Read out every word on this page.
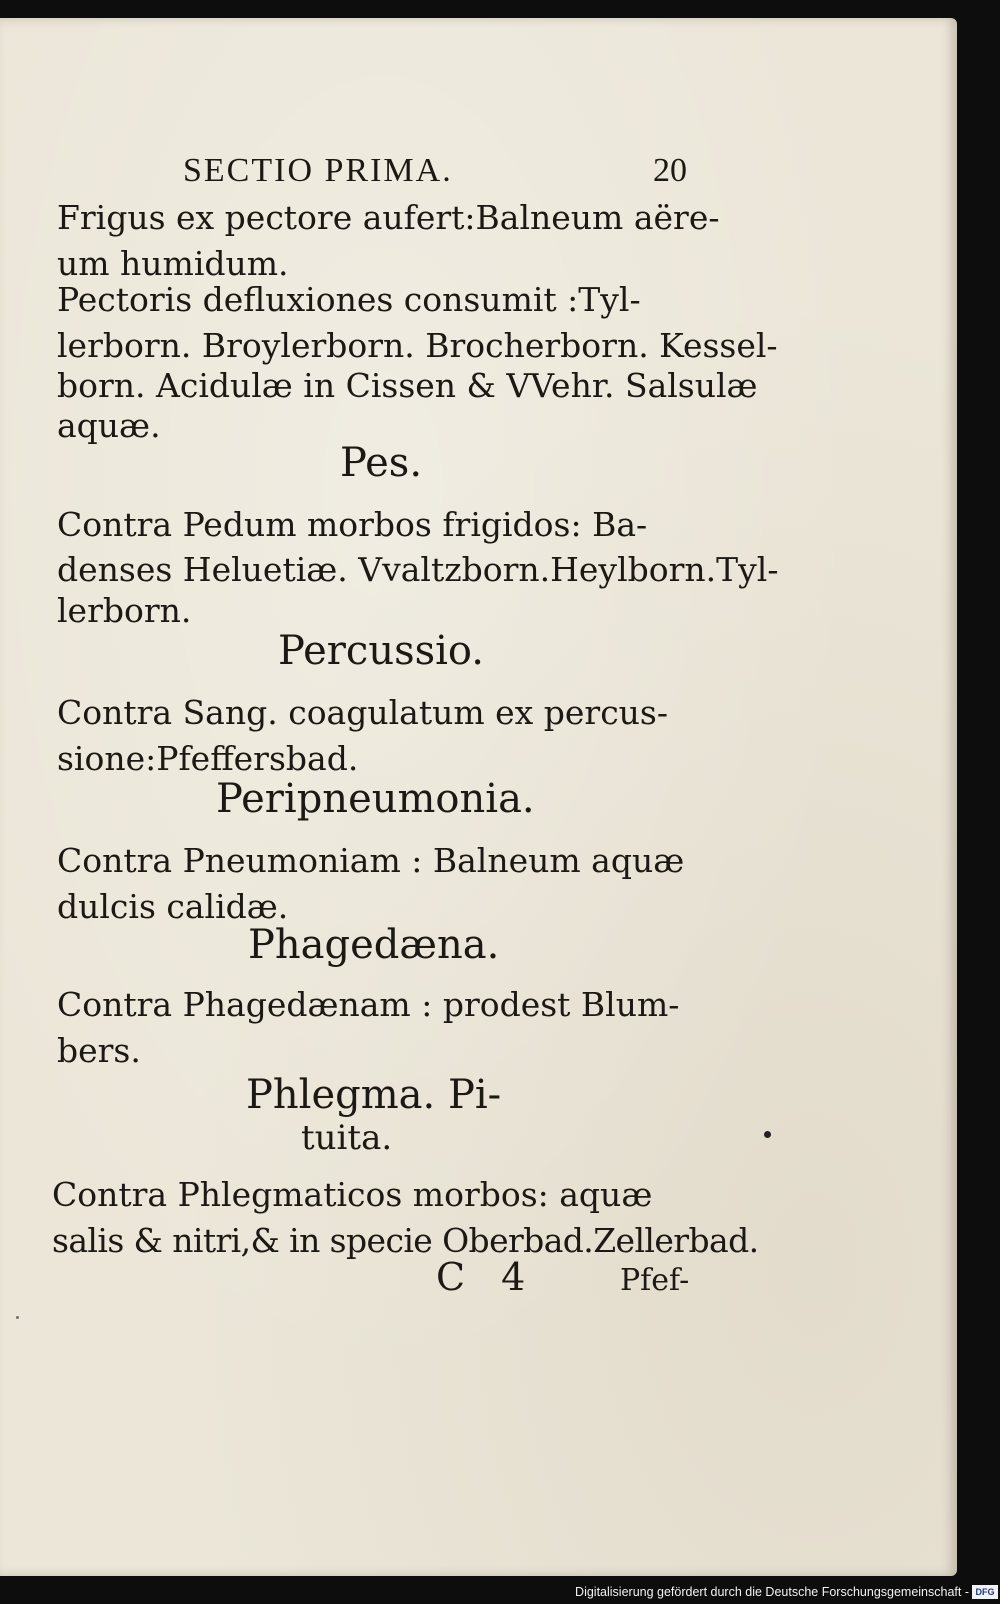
SECTIO PRIMA.	20
Frigus ex pectore aufert:Balneum aëre-
um humidum.
Pectoris defluxiones consumit :Tyl-
lerborn. Broylerborn. Brocherborn. Kessel-
born. Acidulæ in Cissen & VVehr. Salsulæ
aquæ.
Pes.
Contra Pedum morbos frigidos: Ba-
denses Heluetiæ. Vvaltzborn.Heylborn.Tyl-
lerborn.
Percussio.
Contra Sang. coagulatum ex percus-
sione:Pfeffersbad.
Peripneumonia.
Contra Pneumoniam : Balneum aquæ
dulcis calidæ.
Phagedæna.
Contra Phagedænam : prodest Blum-
bers.
Phlegma. Pi-
tuita.
Contra Phlegmaticos morbos: aquæ
salis & nitri,& in specie Oberbad.Zellerbad.
C 4	Pfef-
Digitalisierung gefördert durch die Deutsche Forschungsgemeinschaft - DFG
